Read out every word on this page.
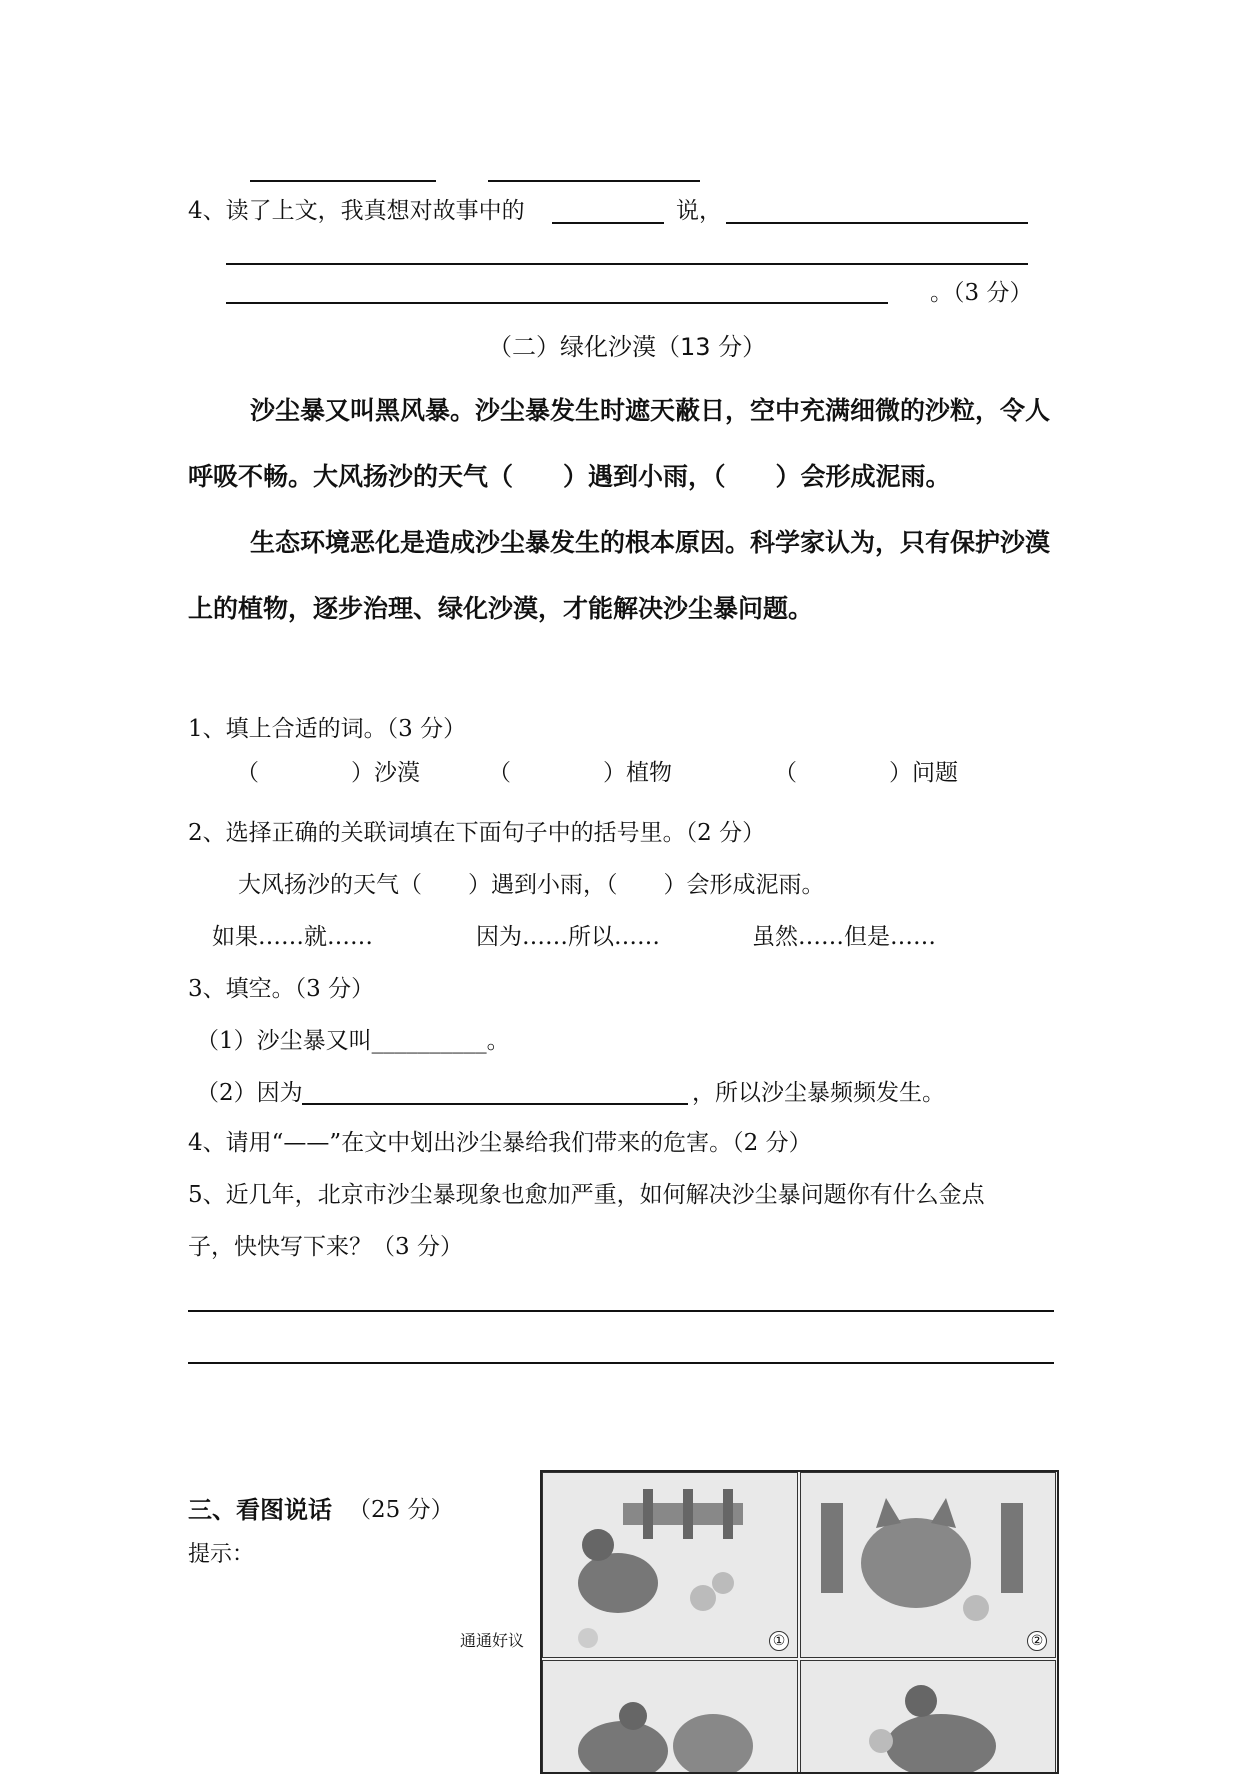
4、读了上文，我真想对故事中的	说，
。（3 分）
（二）绿化沙漠（13 分）
沙尘暴又叫黑风暴。沙尘暴发生时遮天蔽日，空中充满细微的沙粒，令人
呼吸不畅。大风扬沙的天气（　　）遇到小雨，（　　）会形成泥雨。
生态环境恶化是造成沙尘暴发生的根本原因。科学家认为，只有保护沙漠
上的植物，逐步治理、绿化沙漠，才能解决沙尘暴问题。
1、填上合适的词。（3 分）
（　　　　）沙漠	（　　　　）植物	（　　　　）问题
2、选择正确的关联词填在下面句子中的括号里。（2 分）
大风扬沙的天气（　　）遇到小雨，（　　）会形成泥雨。
如果……就……	因为……所以……	虽然……但是……
3、填空。（3 分）
（1）沙尘暴又叫__________。
（2）因为	，所以沙尘暴频频发生。
4、请用“——”在文中划出沙尘暴给我们带来的危害。（2 分）
5、近几年，北京市沙尘暴现象也愈加严重，如何解决沙尘暴问题你有什么金点
子，快快写下来？（3 分）
三、看图说话 （25 分）
提示：
通通好议	①	②
